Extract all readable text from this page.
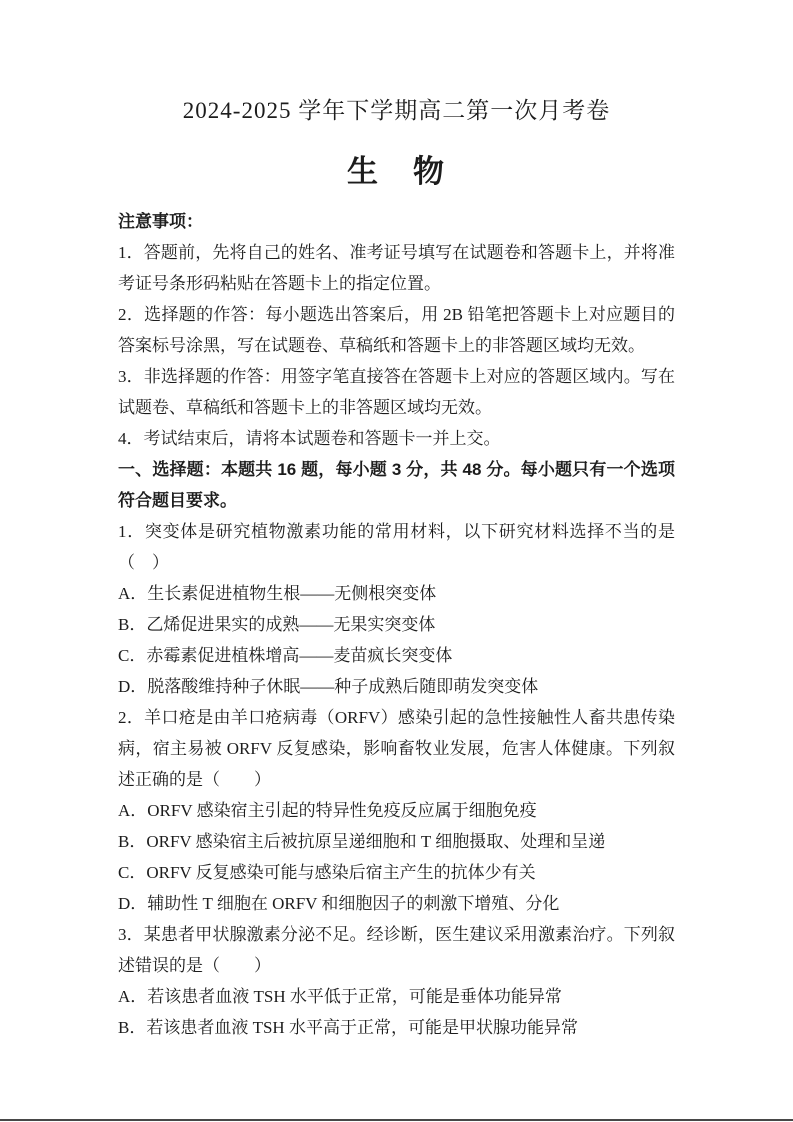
2024-2025 学年下学期高二第一次月考卷
生　物
注意事项：

1．答题前，先将自己的姓名、准考证号填写在试题卷和答题卡上，并将准考证号条形码粘贴在答题卡上的指定位置。

2．选择题的作答：每小题选出答案后，用 2B 铅笔把答题卡上对应题目的答案标号涂黑，写在试题卷、草稿纸和答题卡上的非答题区域均无效。

3．非选择题的作答：用签字笔直接答在答题卡上对应的答题区域内。写在试题卷、草稿纸和答题卡上的非答题区域均无效。

4．考试结束后，请将本试题卷和答题卡一并上交。

一、选择题：本题共 16 题，每小题 3 分，共 48 分。每小题只有一个选项符合题目要求。

1．突变体是研究植物激素功能的常用材料，以下研究材料选择不当的是（　）

A．生长素促进植物生根——无侧根突变体

B．乙烯促进果实的成熟——无果实突变体

C．赤霉素促进植株增高——麦苗疯长突变体

D．脱落酸维持种子休眠——种子成熟后随即萌发突变体

2．羊口疮是由羊口疮病毒（ORFV）感染引起的急性接触性人畜共患传染病，宿主易被 ORFV 反复感染，影响畜牧业发展，危害人体健康。下列叙述正确的是（　　）

A．ORFV 感染宿主引起的特异性免疫反应属于细胞免疫

B．ORFV 感染宿主后被抗原呈递细胞和 T 细胞摄取、处理和呈递

C．ORFV 反复感染可能与感染后宿主产生的抗体少有关

D．辅助性 T 细胞在 ORFV 和细胞因子的刺激下增殖、分化

3．某患者甲状腺激素分泌不足。经诊断，医生建议采用激素治疗。下列叙述错误的是（　　）

A．若该患者血液 TSH 水平低于正常，可能是垂体功能异常

B．若该患者血液 TSH 水平高于正常，可能是甲状腺功能异常
